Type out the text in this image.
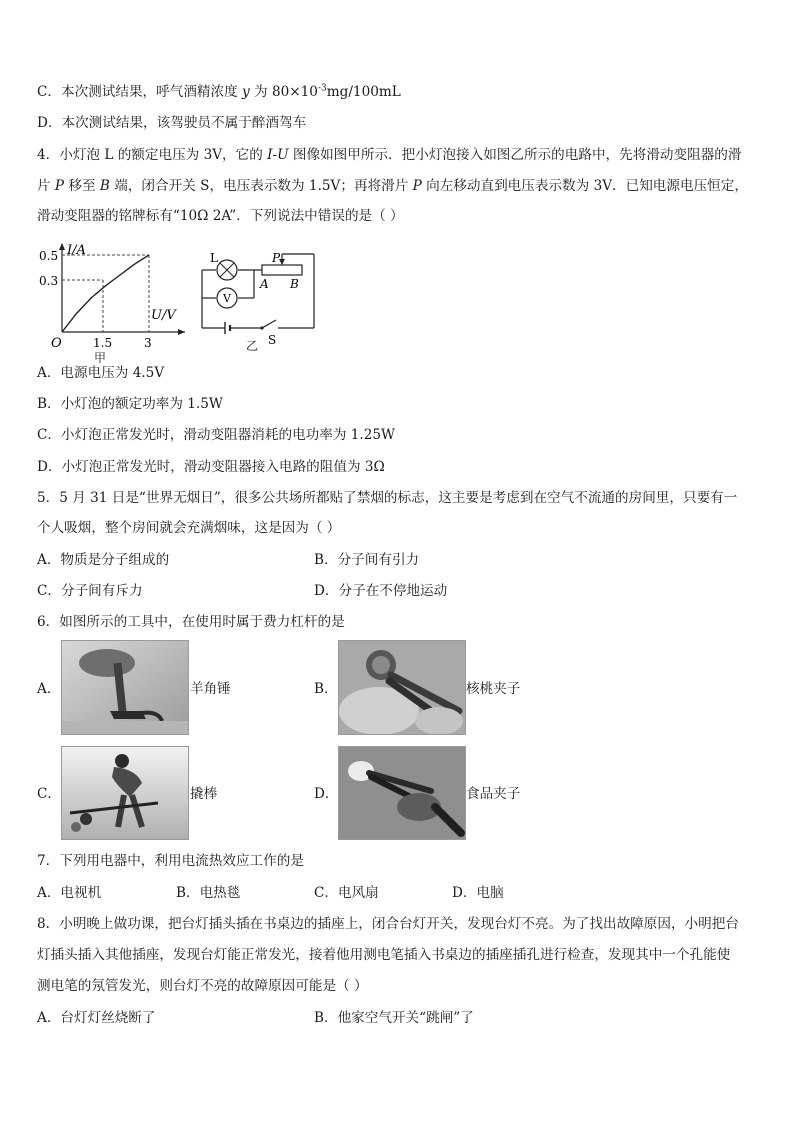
C．本次测试结果，呼气酒精浓度 y 为 $80\times 10^{-3}mg/100mL$
D．本次测试结果，该驾驶员不属于醉酒驾车
4．小灯泡 L 的额定电压为 3V，它的 I-U 图像如图甲所示．把小灯泡接入如图乙所示的电路中，先将滑动变阻器的滑
片 P 移至 B 端，闭合开关 S，电压表示数为 1.5V；再将滑片 P 向左移动直到电压表示数为 3V．已知电源电压恒定，
滑动变阻器的铭牌标有“10Ω 2A”．下列说法中错误的是（ ）
I/A
U/V
O
0.5
0.3
1.5	3
甲
L
V
P
A B
S
乙
A．电源电压为 4.5V
B．小灯泡的额定功率为 1.5W
C．小灯泡正常发光时，滑动变阻器消耗的电功率为 1.25W
D．小灯泡正常发光时，滑动变阻器接入电路的阻值为 3Ω
5．5 月 31 日是“世界无烟日”，很多公共场所都贴了禁烟的标志，这主要是考虑到在空气不流通的房间里，只要有一
个人吸烟，整个房间就会充满烟味，这是因为（ ）
A．物质是分子组成的	B．分子间有引力
C．分子间有斥力	D．分子在不停地运动
6．如图所示的工具中，在使用时属于费力杠杆的是
A．	羊角锤	B．	核桃夹子
C．	撬棒	D．	食品夹子
7．下列用电器中，利用电流热效应工作的是
A．电视机	B．电热毯	C．电风扇	D．电脑
8．小明晚上做功课，把台灯插头插在书桌边的插座上，闭合台灯开关，发现台灯不亮。为了找出故障原因，小明把台
灯插头插入其他插座，发现台灯能正常发光，接着他用测电笔插入书桌边的插座插孔进行检查，发现其中一个孔能使
测电笔的氖管发光，则台灯不亮的故障原因可能是（ ）
A．台灯灯丝烧断了	B．他家空气开关“跳闸”了
